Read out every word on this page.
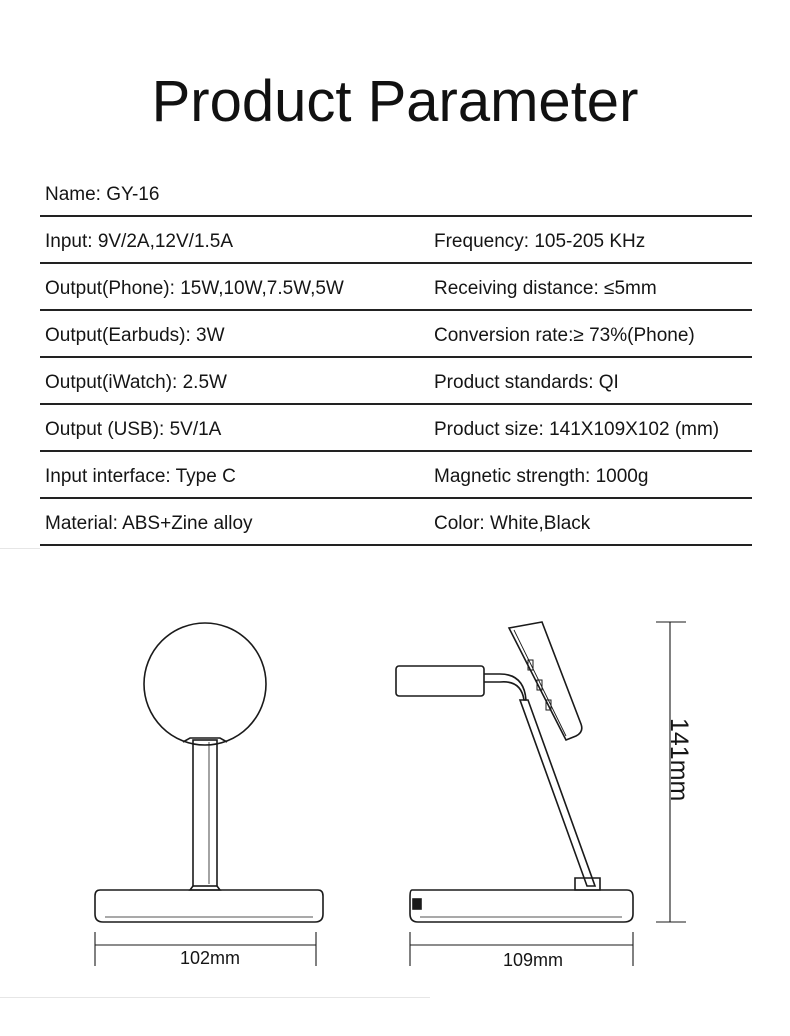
Product Parameter
Name: GY-16
Input: 9V/2A,12V/1.5A	Frequency: 105-205 KHz
Output(Phone): 15W,10W,7.5W,5W	Receiving distance: ≤5mm
Output(Earbuds): 3W	Conversion rate:≥ 73%(Phone)
Output(iWatch): 2.5W	Product standards: QI
Output (USB): 5V/1A	Product size: 141X109X102 (mm)
Input interface: Type C	Magnetic strength: 1000g
Material: ABS+Zine alloy	Color: White,Black
102mm	109mm
141mm
